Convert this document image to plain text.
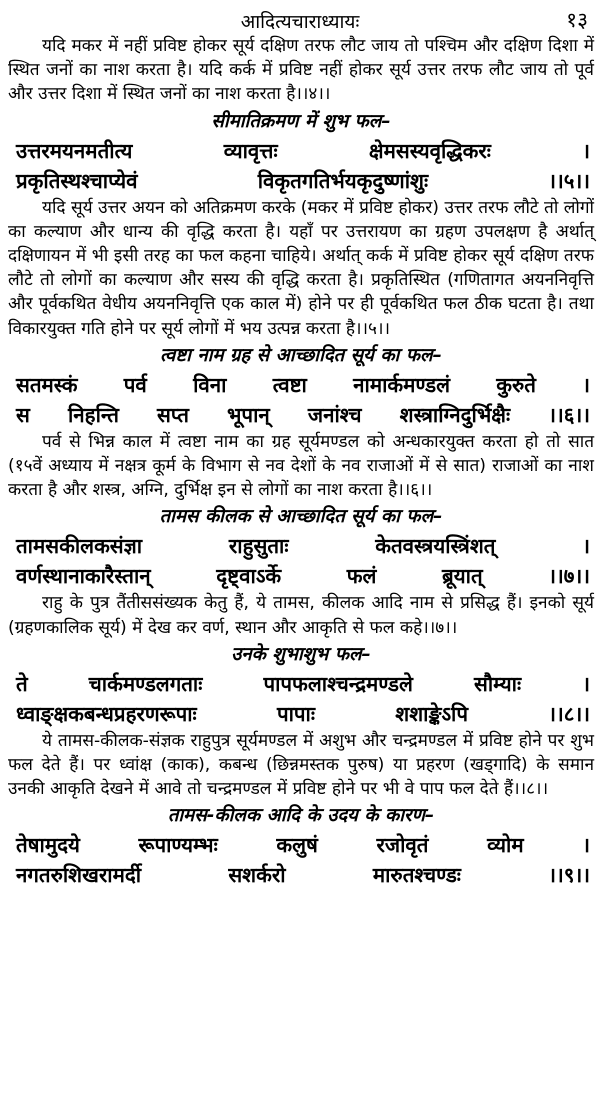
आदित्यचाराध्यायः	१३

यदि मकर में नहीं प्रविष्ट होकर सूर्य दक्षिण तरफ लौट जाय तो पश्चिम और दक्षिण दिशा में स्थित जनों का नाश करता है। यदि कर्क में प्रविष्ट नहीं होकर सूर्य उत्तर तरफ लौट जाय तो पूर्व और उत्तर दिशा में स्थित जनों का नाश करता है।।४।।

सीमातिक्रमण में शुभ फल–

उत्तरमयनमतीत्य व्यावृत्तः क्षेमसस्यवृद्धिकरः ।
प्रकृतिस्थश्चाप्येवं विकृतगतिर्भयकृदुष्णांशुः ।।५।।

यदि सूर्य उत्तर अयन को अतिक्रमण करके (मकर में प्रविष्ट होकर) उत्तर तरफ लौटे तो लोगों का कल्याण और धान्य की वृद्धि करता है। यहाँ पर उत्तरायण का ग्रहण उपलक्षण है अर्थात् दक्षिणायन में भी इसी तरह का फल कहना चाहिये। अर्थात् कर्क में प्रविष्ट होकर सूर्य दक्षिण तरफ लौटे तो लोगों का कल्याण और सस्य की वृद्धि करता है। प्रकृतिस्थित (गणितागत अयननिवृत्ति और पूर्वकथित वेधीय अयननिवृत्ति एक काल में) होने पर ही पूर्वकथित फल ठीक घटता है। तथा विकारयुक्त गति होने पर सूर्य लोगों में भय उत्पन्न करता है।।५।।

त्वष्टा नाम ग्रह से आच्छादित सूर्य का फल–

सतमस्कं पर्व विना त्वष्टा नामार्कमण्डलं कुरुते ।
स निहन्ति सप्त भूपान् जनांश्च शस्त्राग्निदुर्भिक्षैः ।।६।।

पर्व से भिन्न काल में त्वष्टा नाम का ग्रह सूर्यमण्डल को अन्धकारयुक्त करता हो तो सात (१५वें अध्याय में नक्षत्र कूर्म के विभाग से नव देशों के नव राजाओं में से सात) राजाओं का नाश करता है और शस्त्र, अग्नि, दुर्भिक्ष इन से लोगों का नाश करता है।।६।।

तामस कीलक से आच्छादित सूर्य का फल–

तामसकीलकसंज्ञा राहुसुताः केतवस्त्रयस्त्रिंशत् ।
वर्णस्थानाकारैस्तान् दृष्ट्वाऽर्के फलं ब्रूयात् ।।७।।

राहु के पुत्र तैंतीससंख्यक केतु हैं, ये तामस, कीलक आदि नाम से प्रसिद्ध हैं। इनको सूर्य (ग्रहणकालिक सूर्य) में देख कर वर्ण, स्थान और आकृति से फल कहे।।७।।

उनके शुभाशुभ फल–

ते चार्कमण्डलगताः पापफलाश्चन्द्रमण्डले सौम्याः ।
ध्वाङ्क्षकबन्धप्रहरणरूपाः पापाः शशाङ्केऽपि ।।८।।

ये तामस-कीलक-संज्ञक राहुपुत्र सूर्यमण्डल में अशुभ और चन्द्रमण्डल में प्रविष्ट होने पर शुभ फल देते हैं। पर ध्वांक्ष (काक), कबन्ध (छिन्नमस्तक पुरुष) या प्रहरण (खड्गादि) के समान उनकी आकृति देखने में आवे तो चन्द्रमण्डल में प्रविष्ट होने पर भी वे पाप फल देते हैं।।८।।

तामस-कीलक आदि के उदय के कारण–

तेषामुदये रूपाण्यम्भः कलुषं रजोवृतं व्योम ।
नगतरुशिखरामर्दी सशर्करो मारुतश्चण्डः ।।९।।
